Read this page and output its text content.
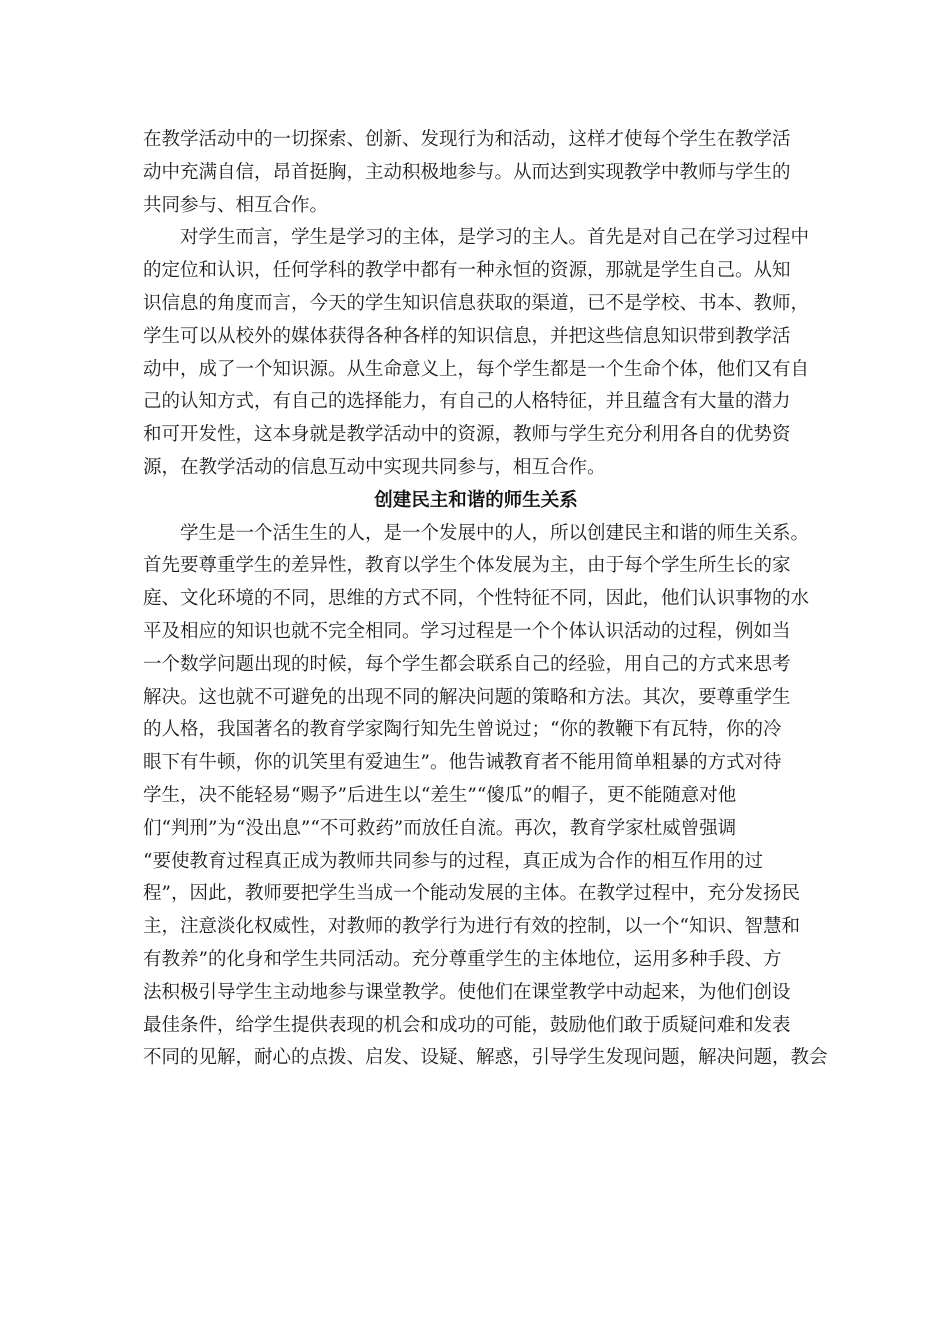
在教学活动中的一切探索、创新、发现行为和活动，这样才使每个学生在教学活
动中充满自信，昂首挺胸，主动积极地参与。从而达到实现教学中教师与学生的
共同参与、相互合作。
　　对学生而言，学生是学习的主体，是学习的主人。首先是对自己在学习过程中
的定位和认识，任何学科的教学中都有一种永恒的资源，那就是学生自己。从知
识信息的角度而言，今天的学生知识信息获取的渠道，已不是学校、书本、教师，
学生可以从校外的媒体获得各种各样的知识信息，并把这些信息知识带到教学活
动中，成了一个知识源。从生命意义上，每个学生都是一个生命个体，他们又有自
己的认知方式，有自己的选择能力，有自己的人格特征，并且蕴含有大量的潜力
和可开发性，这本身就是教学活动中的资源，教师与学生充分利用各自的优势资
源，在教学活动的信息互动中实现共同参与，相互合作。
创建民主和谐的师生关系
　　学生是一个活生生的人，是一个发展中的人，所以创建民主和谐的师生关系。
首先要尊重学生的差异性，教育以学生个体发展为主，由于每个学生所生长的家
庭、文化环境的不同，思维的方式不同，个性特征不同，因此，他们认识事物的水
平及相应的知识也就不完全相同。学习过程是一个个体认识活动的过程，例如当
一个数学问题出现的时候，每个学生都会联系自己的经验，用自己的方式来思考
解决。这也就不可避免的出现不同的解决问题的策略和方法。其次，要尊重学生
的人格，我国著名的教育学家陶行知先生曾说过；“你的教鞭下有瓦特，你的冷
眼下有牛顿，你的讥笑里有爱迪生”。他告诫教育者不能用简单粗暴的方式对待
学生，决不能轻易“赐予”后进生以“差生”“傻瓜”的帽子，更不能随意对他
们“判刑”为“没出息”“不可救药”而放任自流。再次，教育学家杜威曾强调
“要使教育过程真正成为教师共同参与的过程，真正成为合作的相互作用的过
程”，因此，教师要把学生当成一个能动发展的主体。在教学过程中，充分发扬民
主，注意淡化权威性，对教师的教学行为进行有效的控制，以一个“知识、智慧和
有教养”的化身和学生共同活动。充分尊重学生的主体地位，运用多种手段、方
法积极引导学生主动地参与课堂教学。使他们在课堂教学中动起来，为他们创设
最佳条件，给学生提供表现的机会和成功的可能，鼓励他们敢于质疑问难和发表
不同的见解，耐心的点拨、启发、设疑、解惑，引导学生发现问题，解决问题，教会
